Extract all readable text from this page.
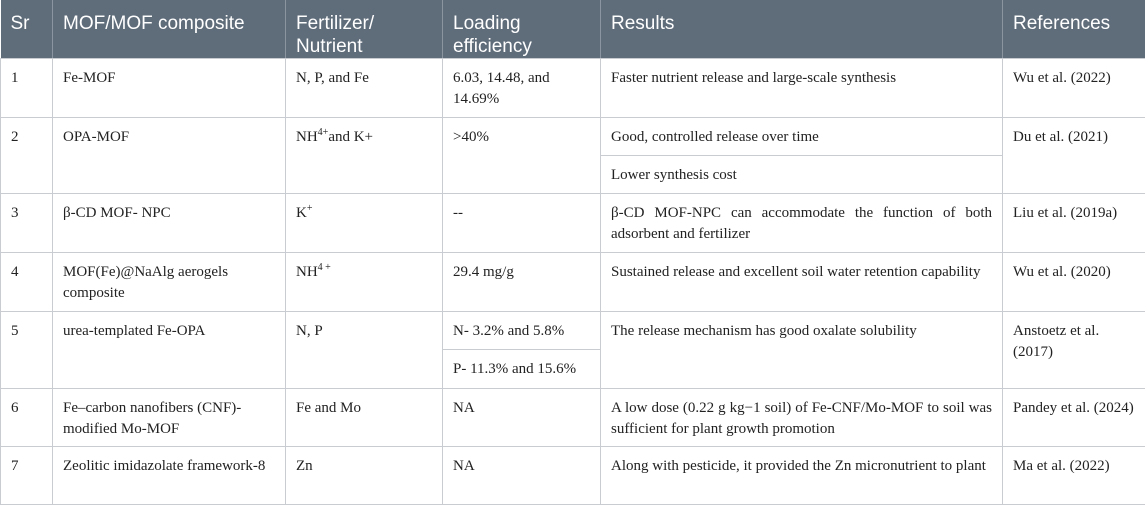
Sr	MOF/MOF composite	Fertilizer/ Nutrient	Loading efficiency	Results	References
1	Fe-MOF	N, P, and Fe	6.03, 14.48, and 14.69%	Faster nutrient release and large-scale synthesis	Wu et al. (2022)
2	OPA-MOF	$NH^{4+}and$ K+	>40%	Good, controlled release over time	Du et al. (2021)
				Lower synthesis cost	
3	β-CD MOF- NPC	K+	--	β-CD MOF-NPC can accommodate the function of both adsorbent and fertilizer	Liu et al. (2019a)
4	MOF(Fe)@NaAlg aerogels composite	$NH^{4 +}$	29.4 mg/g	Sustained release and excellent soil water retention capability	Wu et al. (2020)
5	urea-templated Fe-OPA	N, P	N- 3.2% and 5.8%	The release mechanism has good oxalate solubility	Anstoetz et al. (2017)
			P- 11.3% and 15.6%		
6	Fe–carbon nanofibers (CNF)-modified Mo-MOF	Fe and Mo	NA	A low dose (0.22 g kg−1 soil) of Fe-CNF/Mo-MOF to soil was sufficient for plant growth promotion	Pandey et al. (2024)
7	Zeolitic imidazolate framework-8	Zn	NA	Along with pesticide, it provided the Zn micronutrient to plant	Ma et al. (2022)
